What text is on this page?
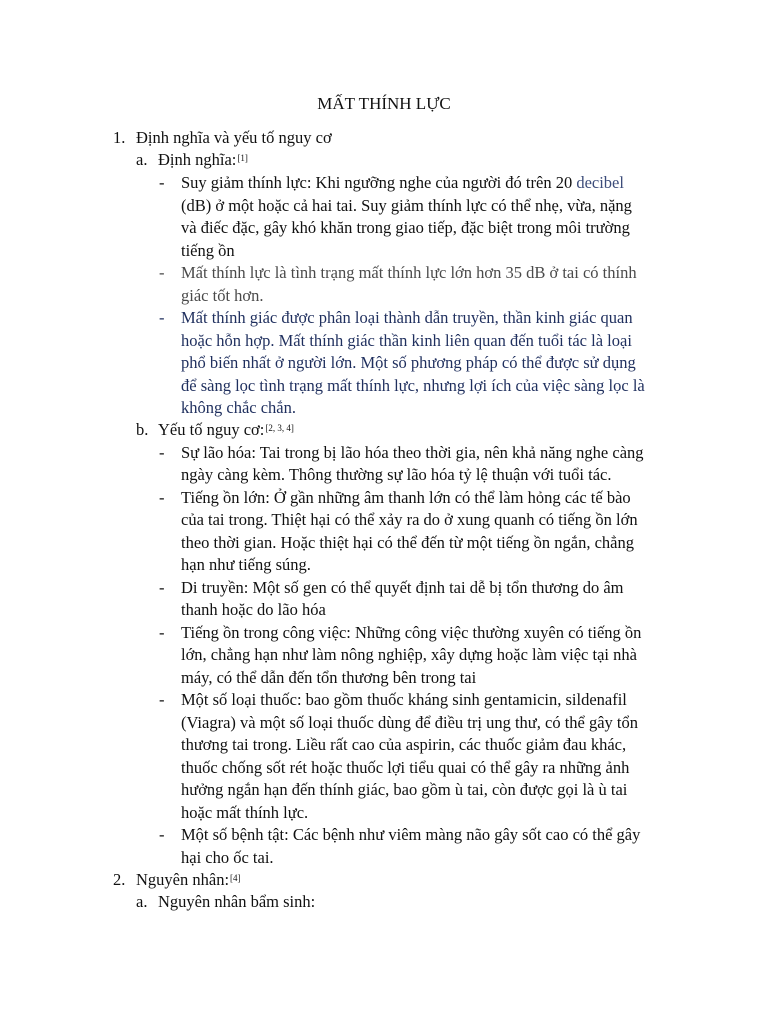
MẤT THÍNH LỰC
1. Định nghĩa và yếu tố nguy cơ
a. Định nghĩa:[1]
- Suy giảm thính lực: Khi ngưỡng nghe của người đó trên 20 decibel
(dB) ở một hoặc cả hai tai. Suy giảm thính lực có thể nhẹ, vừa, nặng
và điếc đặc, gây khó khăn trong giao tiếp, đặc biệt trong môi trường
tiếng ồn
- Mất thính lực là tình trạng mất thính lực lớn hơn 35 dB ở tai có thính
giác tốt hơn.
- Mất thính giác được phân loại thành dẫn truyền, thần kinh giác quan
hoặc hỗn hợp. Mất thính giác thần kinh liên quan đến tuổi tác là loại
phổ biến nhất ở người lớn. Một số phương pháp có thể được sử dụng
để sàng lọc tình trạng mất thính lực, nhưng lợi ích của việc sàng lọc là
không chắc chắn.
b. Yếu tố nguy cơ:[2, 3, 4]
- Sự lão hóa: Tai trong bị lão hóa theo thời gia, nên khả năng nghe càng
ngày càng kèm. Thông thường sự lão hóa tỷ lệ thuận với tuổi tác.
- Tiếng ồn lớn: Ở gần những âm thanh lớn có thể làm hỏng các tế bào
của tai trong. Thiệt hại có thể xảy ra do ở xung quanh có tiếng ồn lớn
theo thời gian. Hoặc thiệt hại có thể đến từ một tiếng ồn ngắn, chẳng
hạn như tiếng súng.
- Di truyền: Một số gen có thể quyết định tai dễ bị tổn thương do âm
thanh hoặc do lão hóa
- Tiếng ồn trong công việc: Những công việc thường xuyên có tiếng ồn
lớn, chẳng hạn như làm nông nghiệp, xây dựng hoặc làm việc tại nhà
máy, có thể dẫn đến tổn thương bên trong tai
- Một số loại thuốc: bao gồm thuốc kháng sinh gentamicin, sildenafil
(Viagra) và một số loại thuốc dùng để điều trị ung thư, có thể gây tổn
thương tai trong. Liều rất cao của aspirin, các thuốc giảm đau khác,
thuốc chống sốt rét hoặc thuốc lợi tiểu quai có thể gây ra những ảnh
hưởng ngắn hạn đến thính giác, bao gồm ù tai, còn được gọi là ù tai
hoặc mất thính lực.
- Một số bệnh tật: Các bệnh như viêm màng não gây sốt cao có thể gây
hại cho ốc tai.
2. Nguyên nhân:[4]
a. Nguyên nhân bẩm sinh:
